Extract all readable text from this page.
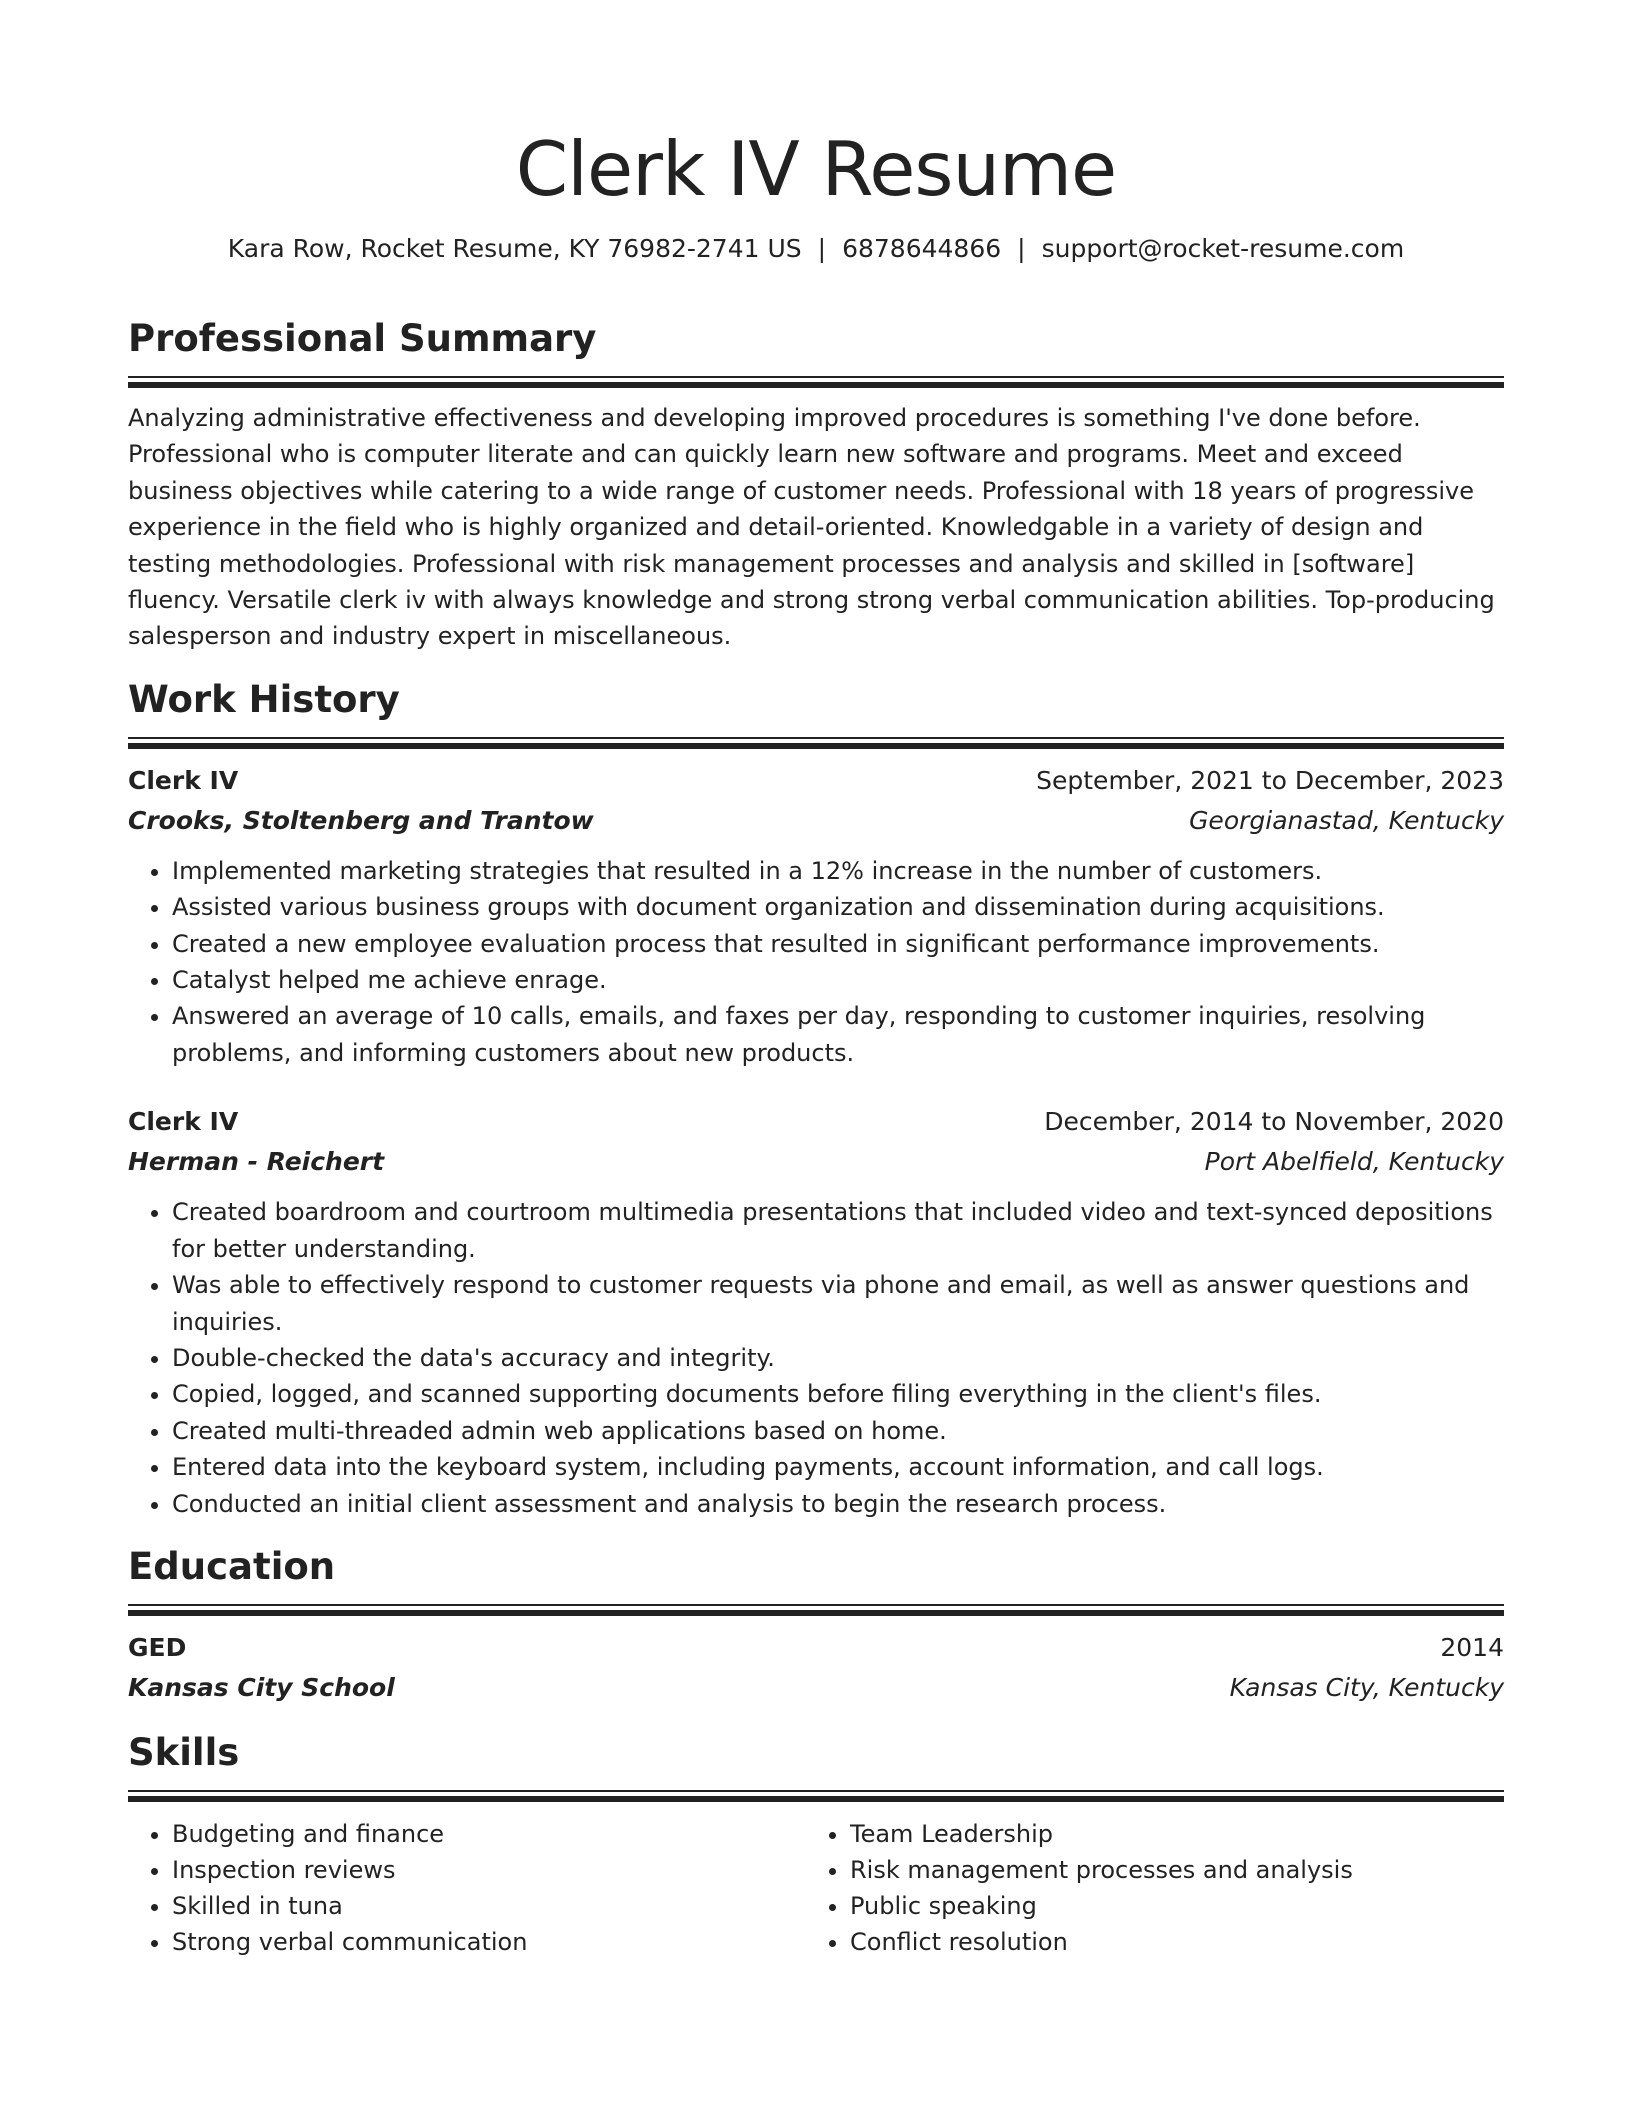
Clerk IV Resume
Kara Row, Rocket Resume, KY 76982-2741 US | 6878644866 | support@rocket-resume.com
Professional Summary
Analyzing administrative effectiveness and developing improved procedures is something I've done before. Professional who is computer literate and can quickly learn new software and programs. Meet and exceed business objectives while catering to a wide range of customer needs. Professional with 18 years of progressive experience in the field who is highly organized and detail-oriented. Knowledgable in a variety of design and testing methodologies. Professional with risk management processes and analysis and skilled in [software] fluency. Versatile clerk iv with always knowledge and strong strong verbal communication abilities. Top-producing salesperson and industry expert in miscellaneous.
Work History
Clerk IV	September, 2021 to December, 2023
Crooks, Stoltenberg and Trantow	Georgianastad, Kentucky
• Implemented marketing strategies that resulted in a 12% increase in the number of customers.
• Assisted various business groups with document organization and dissemination during acquisitions.
• Created a new employee evaluation process that resulted in significant performance improvements.
• Catalyst helped me achieve enrage.
• Answered an average of 10 calls, emails, and faxes per day, responding to customer inquiries, resolving problems, and informing customers about new products.
Clerk IV	December, 2014 to November, 2020
Herman - Reichert	Port Abelfield, Kentucky
• Created boardroom and courtroom multimedia presentations that included video and text-synced depositions for better understanding.
• Was able to effectively respond to customer requests via phone and email, as well as answer questions and inquiries.
• Double-checked the data's accuracy and integrity.
• Copied, logged, and scanned supporting documents before filing everything in the client's files.
• Created multi-threaded admin web applications based on home.
• Entered data into the keyboard system, including payments, account information, and call logs.
• Conducted an initial client assessment and analysis to begin the research process.
Education
GED	2014
Kansas City School	Kansas City, Kentucky
Skills
• Budgeting and finance
• Inspection reviews
• Skilled in tuna
• Strong verbal communication
• Team Leadership
• Risk management processes and analysis
• Public speaking
• Conflict resolution
